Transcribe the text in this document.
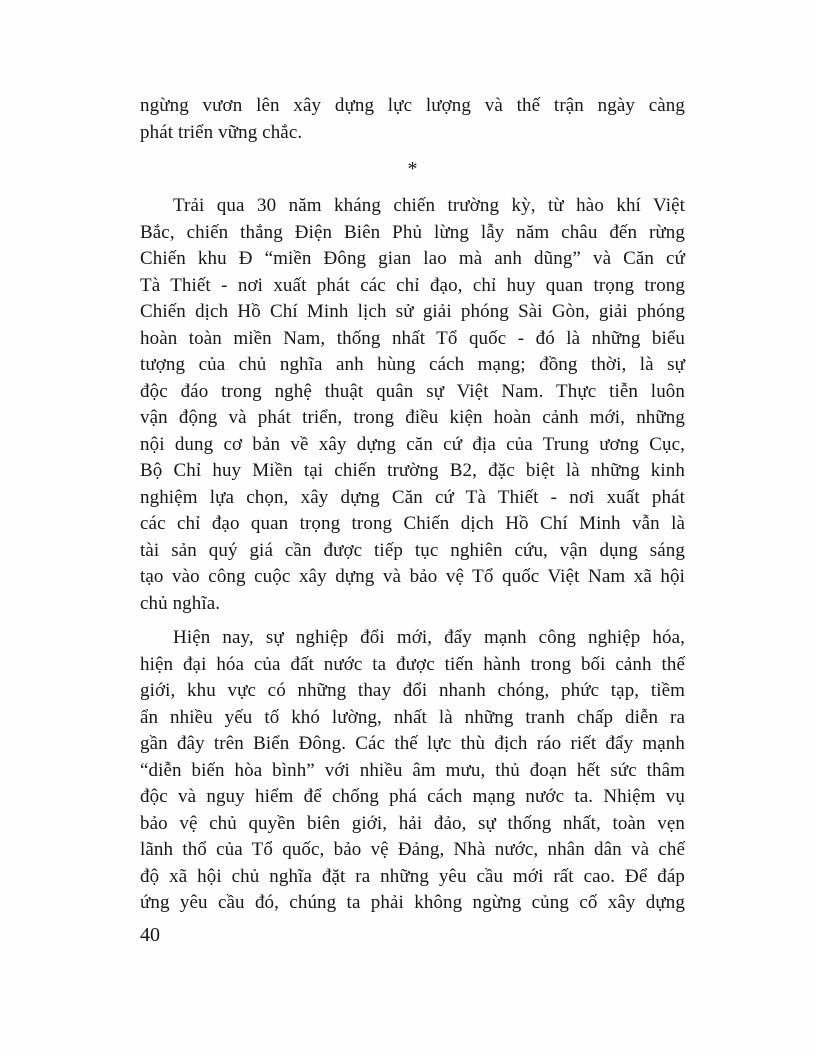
ngừng vươn lên xây dựng lực lượng và thế trận ngày càng
phát triển vững chắc.
*
Trải qua 30 năm kháng chiến trường kỳ, từ hào khí Việt
Bắc, chiến thắng Điện Biên Phủ lừng lẫy năm châu đến rừng
Chiến khu Đ “miền Đông gian lao mà anh dũng” và Căn cứ
Tà Thiết - nơi xuất phát các chỉ đạo, chỉ huy quan trọng trong
Chiến dịch Hồ Chí Minh lịch sử giải phóng Sài Gòn, giải phóng
hoàn toàn miền Nam, thống nhất Tổ quốc - đó là những biểu
tượng của chủ nghĩa anh hùng cách mạng; đồng thời, là sự
độc đáo trong nghệ thuật quân sự Việt Nam. Thực tiễn luôn
vận động và phát triển, trong điều kiện hoàn cảnh mới, những
nội dung cơ bản về xây dựng căn cứ địa của Trung ương Cục,
Bộ Chỉ huy Miền tại chiến trường B2, đặc biệt là những kinh
nghiệm lựa chọn, xây dựng Căn cứ Tà Thiết - nơi xuất phát
các chỉ đạo quan trọng trong Chiến dịch Hồ Chí Minh vẫn là
tài sản quý giá cần được tiếp tục nghiên cứu, vận dụng sáng
tạo vào công cuộc xây dựng và bảo vệ Tổ quốc Việt Nam xã hội
chủ nghĩa.
Hiện nay, sự nghiệp đổi mới, đẩy mạnh công nghiệp hóa,
hiện đại hóa của đất nước ta được tiến hành trong bối cảnh thế
giới, khu vực có những thay đổi nhanh chóng, phức tạp, tiềm
ẩn nhiều yếu tố khó lường, nhất là những tranh chấp diễn ra
gần đây trên Biển Đông. Các thế lực thù địch ráo riết đẩy mạnh
“diễn biến hòa bình” với nhiều âm mưu, thủ đoạn hết sức thâm
độc và nguy hiểm để chống phá cách mạng nước ta. Nhiệm vụ
bảo vệ chủ quyền biên giới, hải đảo, sự thống nhất, toàn vẹn
lãnh thổ của Tổ quốc, bảo vệ Đảng, Nhà nước, nhân dân và chế
độ xã hội chủ nghĩa đặt ra những yêu cầu mới rất cao. Để đáp
ứng yêu cầu đó, chúng ta phải không ngừng củng cố xây dựng
40
